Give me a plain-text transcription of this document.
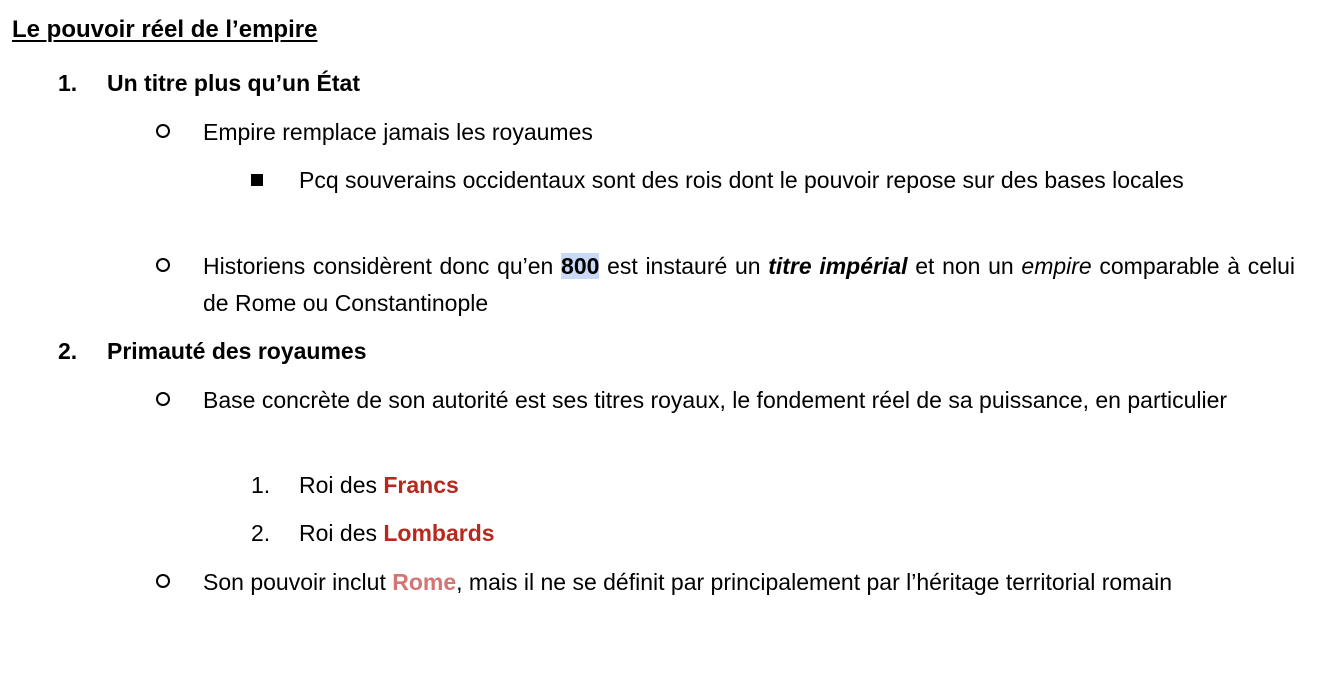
Le pouvoir réel de l’empire
1. Un titre plus qu’un État
Empire remplace jamais les royaumes
Pcq souverains occidentaux sont des rois dont le pouvoir repose sur des bases locales
Historiens considèrent donc qu’en 800 est instauré un titre impérial et non un empire comparable à celui de Rome ou Constantinople
2. Primauté des royaumes
Base concrète de son autorité est ses titres royaux, le fondement réel de sa puissance, en particulier
1. Roi des Francs
2. Roi des Lombards
Son pouvoir inclut Rome, mais il ne se définit par principalement par l’héritage territorial romain
